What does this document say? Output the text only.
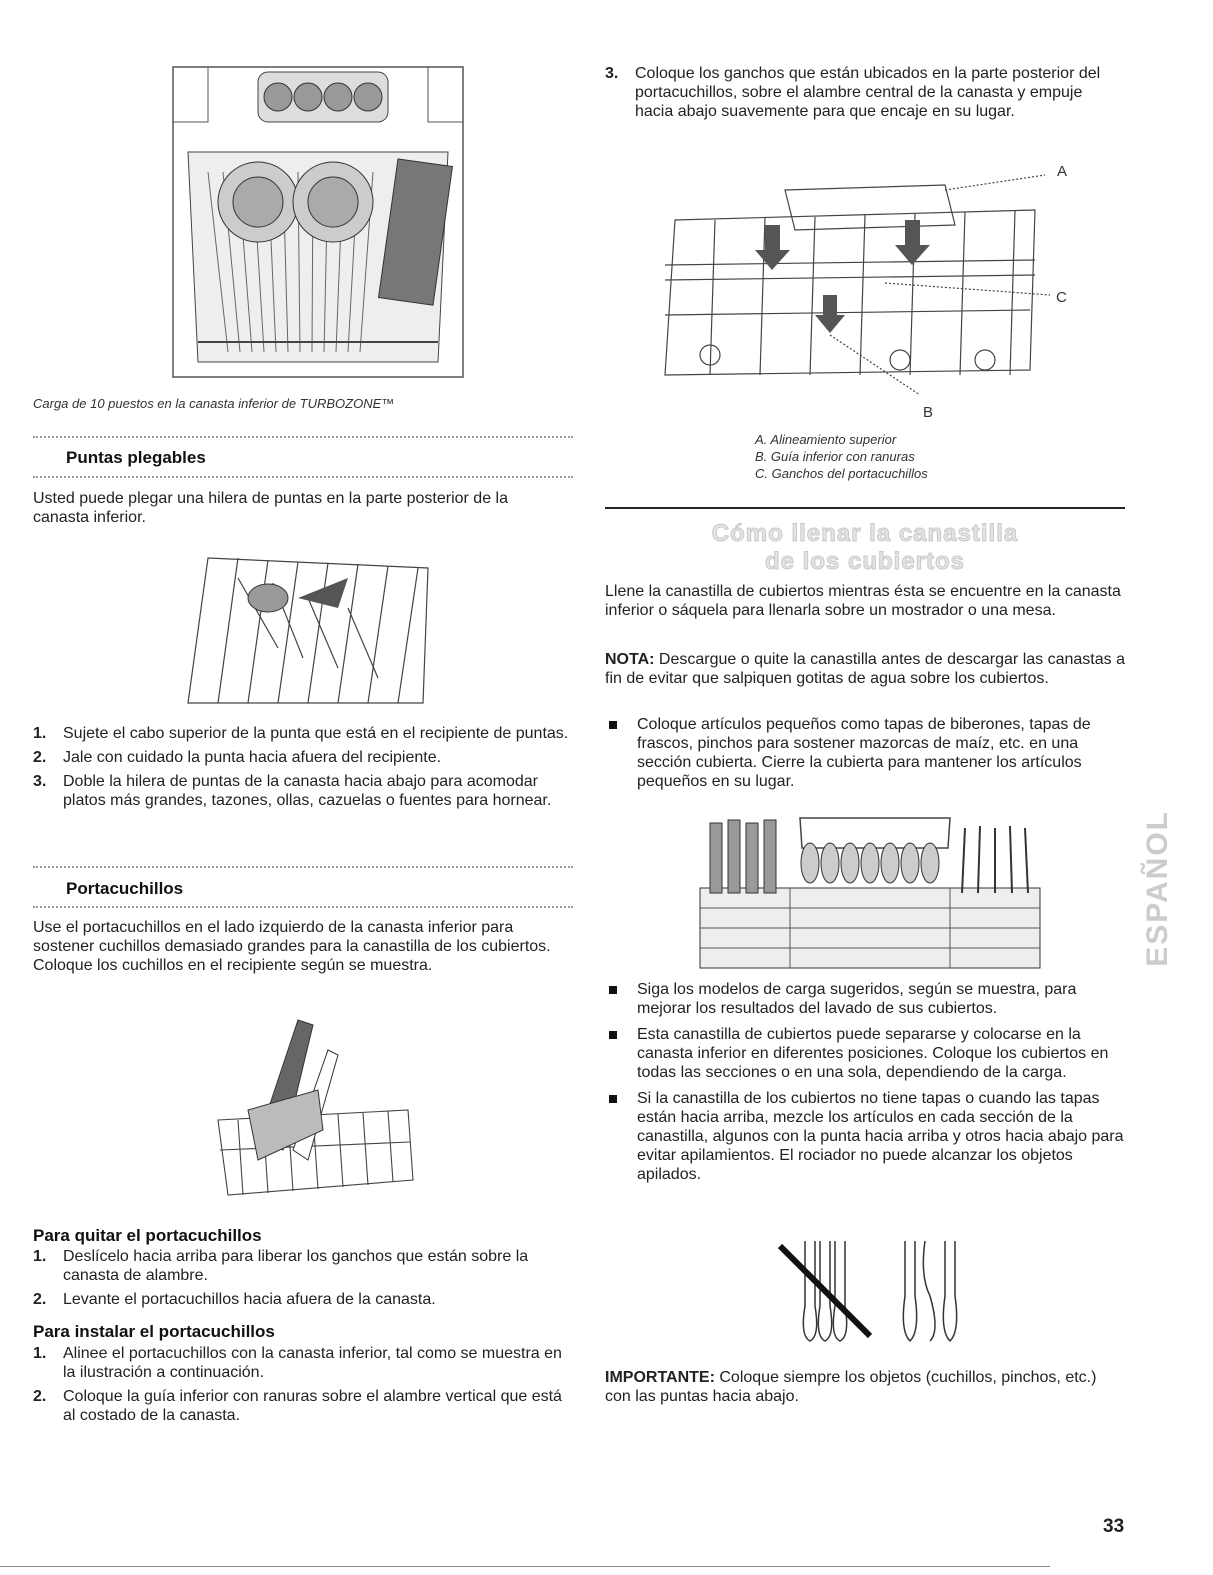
Carga de 10 puestos en la canasta inferior de TURBOZONE™
Puntas plegables
Usted puede plegar una hilera de puntas en la parte posterior de la canasta inferior.
1. Sujete el cabo superior de la punta que está en el recipiente de puntas.
2. Jale con cuidado la punta hacia afuera del recipiente.
3. Doble la hilera de puntas de la canasta hacia abajo para acomodar platos más grandes, tazones, ollas, cazuelas o fuentes para hornear.
Portacuchillos
Use el portacuchillos en el lado izquierdo de la canasta inferior para sostener cuchillos demasiado grandes para la canastilla de los cubiertos. Coloque los cuchillos en el recipiente según se muestra.
Para quitar el portacuchillos
1. Deslícelo hacia arriba para liberar los ganchos que están sobre la canasta de alambre.
2. Levante el portacuchillos hacia afuera de la canasta.
Para instalar el portacuchillos
1. Alinee el portacuchillos con la canasta inferior, tal como se muestra en la ilustración a continuación.
2. Coloque la guía inferior con ranuras sobre el alambre vertical que está al costado de la canasta.
3. Coloque los ganchos que están ubicados en la parte posterior del portacuchillos, sobre el alambre central de la canasta y empuje hacia abajo suavemente para que encaje en su lugar.
A
C
B
A. Alineamiento superior
B. Guía inferior con ranuras
C. Ganchos del portacuchillos
Cómo llenar la canastilla
de los cubiertos
Llene la canastilla de cubiertos mientras ésta se encuentre en la canasta inferior o sáquela para llenarla sobre un mostrador o una mesa.
NOTA: Descargue o quite la canastilla antes de descargar las canastas a fin de evitar que salpiquen gotitas de agua sobre los cubiertos.
Coloque artículos pequeños como tapas de biberones, tapas de frascos, pinchos para sostener mazorcas de maíz, etc. en una sección cubierta. Cierre la cubierta para mantener los artículos pequeños en su lugar.
Siga los modelos de carga sugeridos, según se muestra, para mejorar los resultados del lavado de sus cubiertos.
Esta canastilla de cubiertos puede separarse y colocarse en la canasta inferior en diferentes posiciones. Coloque los cubiertos en todas las secciones o en una sola, dependiendo de la carga.
Si la canastilla de los cubiertos no tiene tapas o cuando las tapas están hacia arriba, mezcle los artículos en cada sección de la canastilla, algunos con la punta hacia arriba y otros hacia abajo para evitar apilamientos. El rociador no puede alcanzar los objetos apilados.
IMPORTANTE: Coloque siempre los objetos (cuchillos, pinchos, etc.) con las puntas hacia abajo.
ESPAÑOL
33
